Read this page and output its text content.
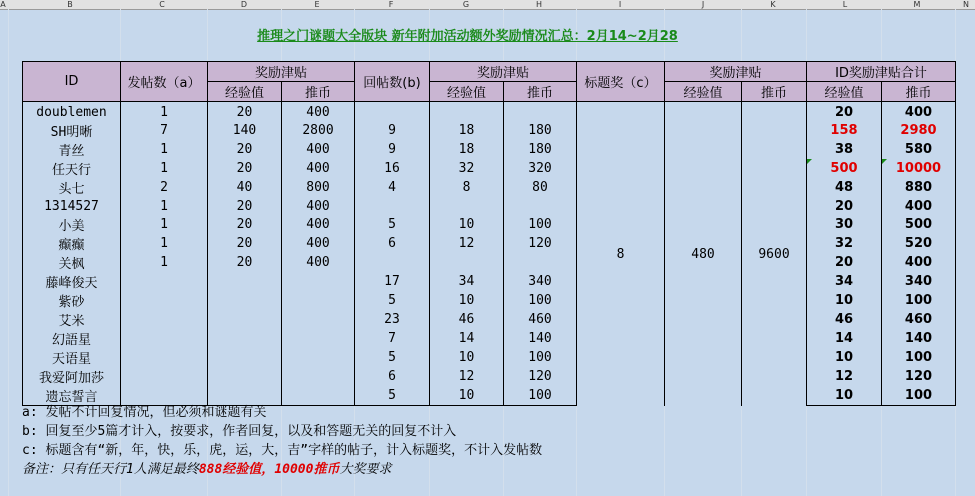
A	B	C	D	E	F	G	H	I	J	K	L	M	N
推理之门谜题大全版块 新年附加活动额外奖励情况汇总：2月14~2月28
ID	发帖数（a）	奖励津贴		回帖数(b)	奖励津贴		标题奖（c）	奖励津贴		ID奖励津贴合计	
		经验值	推币		经验值	推币		经验值	推币	经验值	推币
doublemen	1	20	400				8	480	9600	20	400
SH明晰	7	140	2800	9	18	180				158	2980
青丝	1	20	400	9	18	180				38	580
任天行	1	20	400	16	32	320				500	10000
头七	2	40	800	4	8	80				48	880
1314527	1	20	400							20	400
小美	1	20	400	5	10	100				30	500
癫癫	1	20	400	6	12	120				32	520
关枫	1	20	400							20	400
藤峰俊天				17	34	340				34	340
紫砂				5	10	100				10	100
艾米				23	46	460				46	460
幻語星				7	14	140				14	140
天语星				5	10	100				10	100
我爱阿加莎				6	12	120				12	120
遗忘誓言				5	10	100				10	100
a: 发帖不计回复情况，但必须和谜题有关
b: 回复至少5篇才计入，按要求，作者回复，以及和答题无关的回复不计入
c: 标题含有“新，年，快，乐，虎，运，大，吉”字样的帖子，计入标题奖，不计入发帖数
备注：只有任天行1人满足最终888经验值，10000推币大奖要求
